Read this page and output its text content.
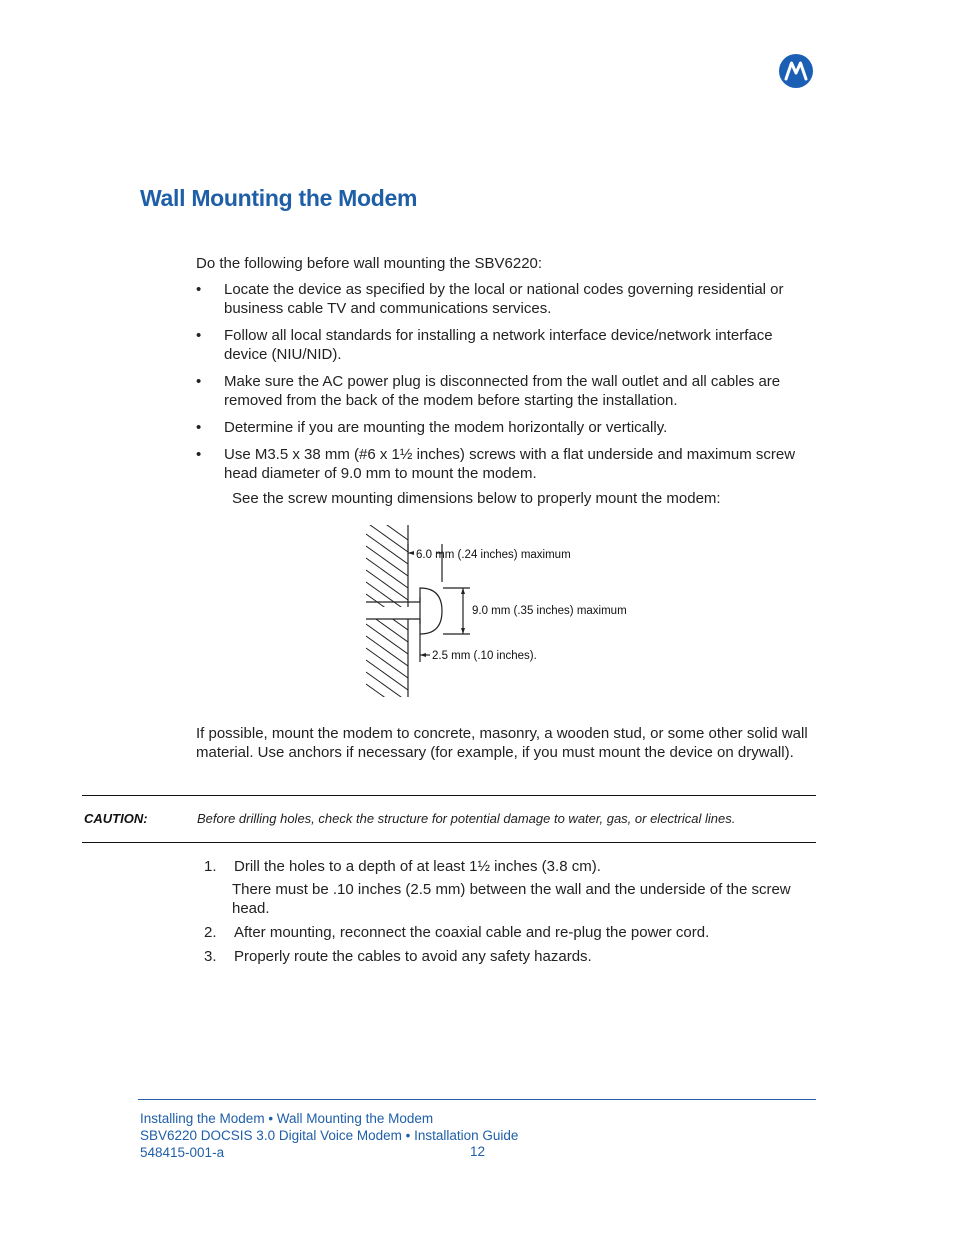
Wall Mounting the Modem
Do the following before wall mounting the SBV6220:
• Locate the device as specified by the local or national codes governing residential or business cable TV and communications services.
• Follow all local standards for installing a network interface device/network interface device (NIU/NID).
• Make sure the AC power plug is disconnected from the wall outlet and all cables are removed from the back of the modem before starting the installation.
• Determine if you are mounting the modem horizontally or vertically.
• Use M3.5 x 38 mm (#6 x 1½ inches) screws with a flat underside and maximum screw head diameter of 9.0 mm to mount the modem.
See the screw mounting dimensions below to properly mount the modem:
6.0 mm (.24 inches) maximum
9.0 mm (.35 inches) maximum
2.5 mm (.10 inches).
If possible, mount the modem to concrete, masonry, a wooden stud, or some other solid wall material. Use anchors if necessary (for example, if you must mount the device on drywall).
CAUTION:	Before drilling holes, check the structure for potential damage to water, gas, or electrical lines.
1. Drill the holes to a depth of at least 1½ inches (3.8 cm).
There must be .10 inches (2.5 mm) between the wall and the underside of the screw head.
2. After mounting, reconnect the coaxial cable and re-plug the power cord.
3. Properly route the cables to avoid any safety hazards.
Installing the Modem • Wall Mounting the Modem
SBV6220 DOCSIS 3.0 Digital Voice Modem • Installation Guide
548415-001-a	12
